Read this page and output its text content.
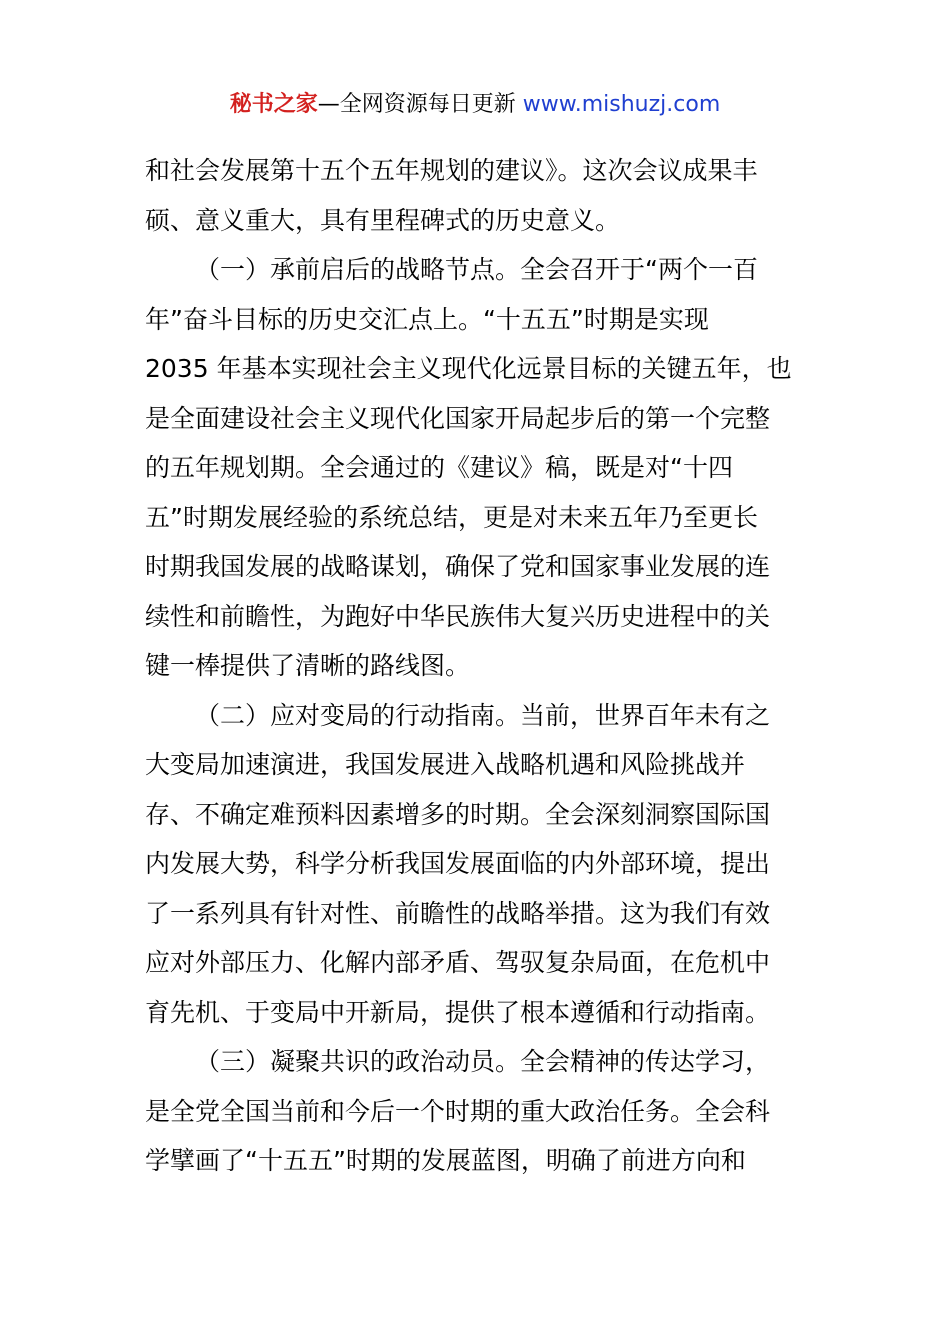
秘书之家—全网资源每日更新 www.mishuzj.com
和社会发展第十五个五年规划的建议》。这次会议成果丰
硕、意义重大，具有里程碑式的历史意义。
（一）承前启后的战略节点。全会召开于“两个一百
年”奋斗目标的历史交汇点上。“十五五”时期是实现
2035 年基本实现社会主义现代化远景目标的关键五年，也
是全面建设社会主义现代化国家开局起步后的第一个完整
的五年规划期。全会通过的《建议》稿，既是对“十四
五”时期发展经验的系统总结，更是对未来五年乃至更长
时期我国发展的战略谋划，确保了党和国家事业发展的连
续性和前瞻性，为跑好中华民族伟大复兴历史进程中的关
键一棒提供了清晰的路线图。
（二）应对变局的行动指南。当前，世界百年未有之
大变局加速演进，我国发展进入战略机遇和风险挑战并
存、不确定难预料因素增多的时期。全会深刻洞察国际国
内发展大势，科学分析我国发展面临的内外部环境，提出
了一系列具有针对性、前瞻性的战略举措。这为我们有效
应对外部压力、化解内部矛盾、驾驭复杂局面，在危机中
育先机、于变局中开新局，提供了根本遵循和行动指南。
（三）凝聚共识的政治动员。全会精神的传达学习，
是全党全国当前和今后一个时期的重大政治任务。全会科
学擘画了“十五五”时期的发展蓝图，明确了前进方向和
